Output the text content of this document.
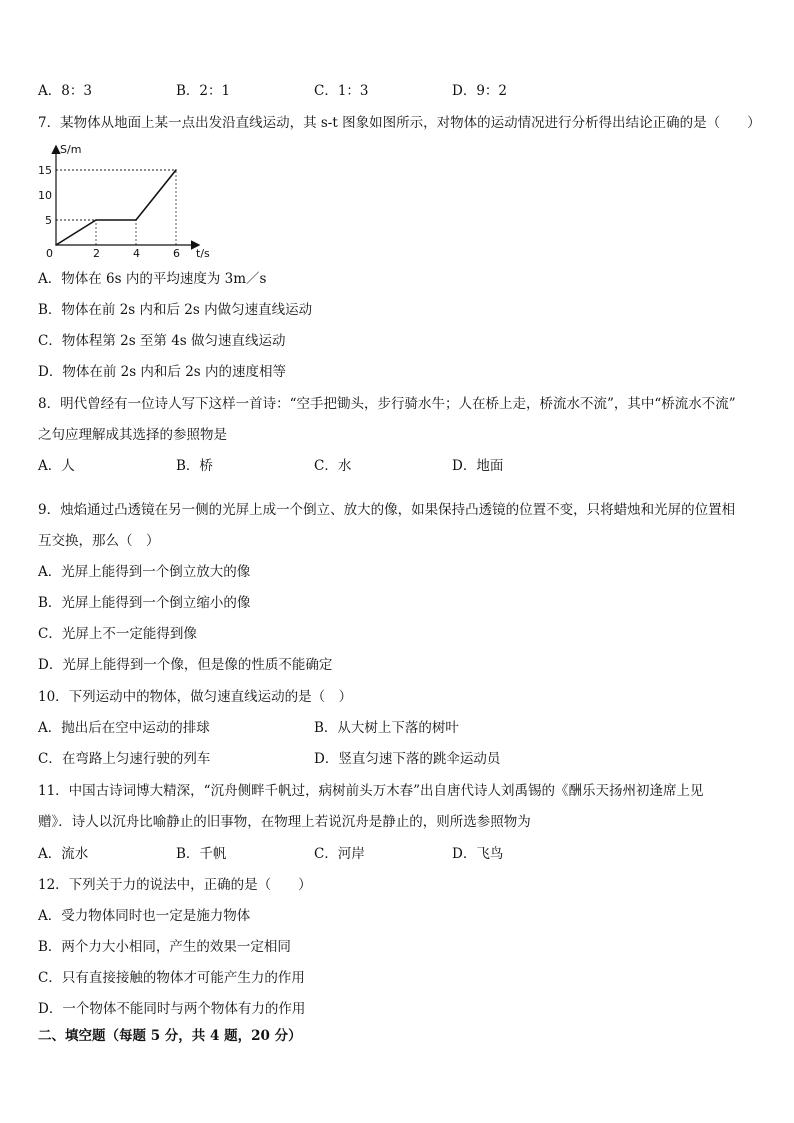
A．8：3	B．2：1	C．1：3	D．9：2
7．某物体从地面上某一点出发沿直线运动，其 s-t 图象如图所示，对物体的运动情况进行分析得出结论正确的是（　　）
0	2	4	6
5
10
15
t/s
S/m
A．物体在 6s 内的平均速度为 3m／s
B．物体在前 2s 内和后 2s 内做匀速直线运动
C．物体程第 2s 至第 4s 做匀速直线运动
D．物体在前 2s 内和后 2s 内的速度相等
8．明代曾经有一位诗人写下这样一首诗：“空手把锄头，步行骑水牛；人在桥上走，桥流水不流”，其中“桥流水不流”
之句应理解成其选择的参照物是
A．人	B．桥	C．水	D．地面
9．烛焰通过凸透镜在另一侧的光屏上成一个倒立、放大的像，如果保持凸透镜的位置不变，只将蜡烛和光屏的位置相
互交换，那么（　）
A．光屏上能得到一个倒立放大的像
B．光屏上能得到一个倒立缩小的像
C．光屏上不一定能得到像
D．光屏上能得到一个像，但是像的性质不能确定
10．下列运动中的物体，做匀速直线运动的是（　）
A．抛出后在空中运动的排球	B．从大树上下落的树叶
C．在弯路上匀速行驶的列车	D．竖直匀速下落的跳伞运动员
11．中国古诗词博大精深，“沉舟侧畔千帆过，病树前头万木春”出自唐代诗人刘禹锡的《酬乐天扬州初逢席上见
赠》．诗人以沉舟比喻静止的旧事物，在物理上若说沉舟是静止的，则所选参照物为
A．流水	B．千帆	C．河岸	D．飞鸟
12．下列关于力的说法中，正确的是（　　）
A．受力物体同时也一定是施力物体
B．两个力大小相同，产生的效果一定相同
C．只有直接接触的物体才可能产生力的作用
D．一个物体不能同时与两个物体有力的作用
二、填空题（每题 5 分，共 4 题，20 分）
